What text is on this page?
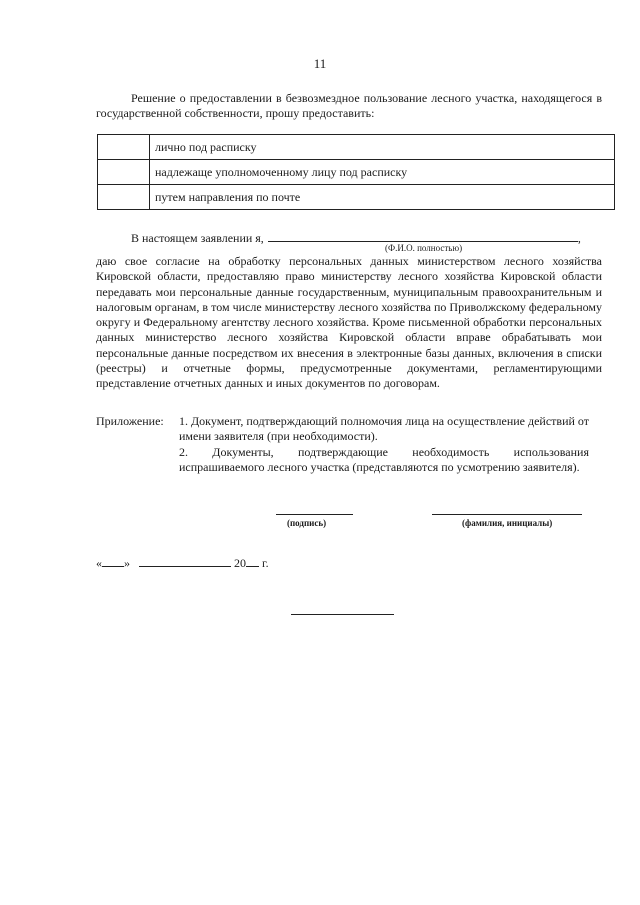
11
Решение о предоставлении в безвозмездное пользование лесного участка, находящегося в государственной собственности, прошу предоставить:
	лично под расписку
	надлежаще уполномоченному лицу под расписку
	путем направления по почте
В настоящем заявлении я,	,
(Ф.И.О. полностью)
даю свое согласие на обработку персональных данных министерством лесного хозяйства Кировской области, предоставляю право министерству лесного хозяйства Кировской области передавать мои персональные данные государственным, муниципальным правоохранительным и налоговым органам, в том числе министерству лесного хозяйства по Приволжскому федеральному округу и Федеральному агентству лесного хозяйства. Кроме письменной обработки персональных данных министерство лесного хозяйства Кировской области вправе обрабатывать мои персональные данные посредством их внесения в электронные базы данных, включения в списки (реестры) и отчетные формы, предусмотренные документами, регламентирующими представление отчетных данных и иных документов по договорам.
Приложение: 1. Документ, подтверждающий полномочия лица на осуществление действий от имени заявителя (при необходимости).
2. Документы, подтверждающие необходимость использования испрашиваемого лесного участка (представляются по усмотрению заявителя).
(подпись)	(фамилия, инициалы)
« »	20 г.
